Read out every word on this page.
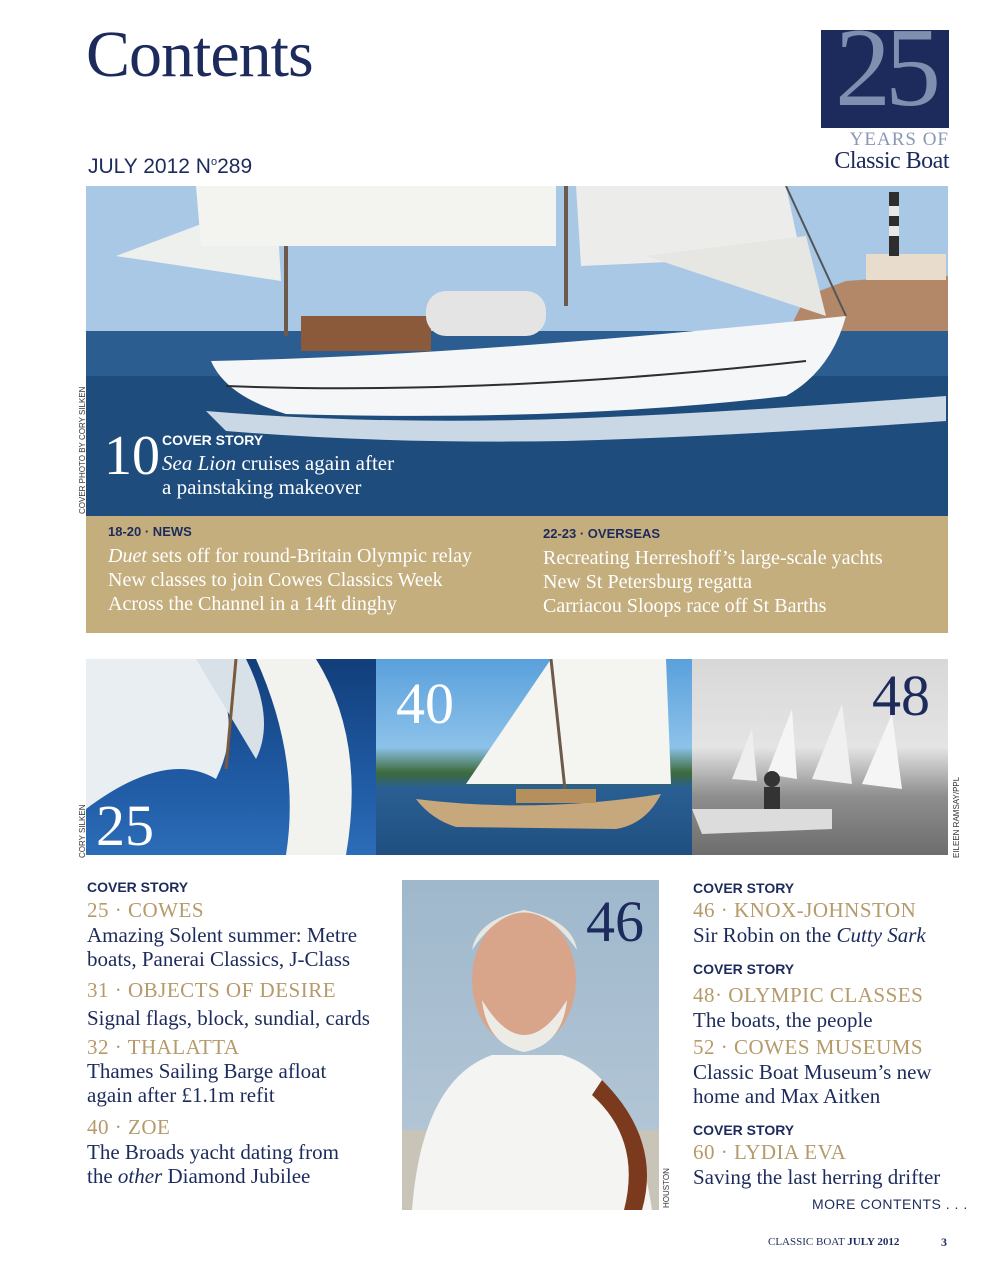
Contents
JULY 2012 $N^o289$
25
YEARS OF
Classic Boat
10 COVER STORY
Sea Lion cruises again after
a painstaking makeover
COVER PHOTO BY CORY SILKEN
18-20 · NEWS
Duet sets off for round-Britain Olympic relay
New classes to join Cowes Classics Week
Across the Channel in a 14ft dinghy
22-23 · OVERSEAS
Recreating Herreshoff’s large-scale yachts
New St Petersburg regatta
Carriacou Sloops race off St Barths
25
40	48
CORY SILKEN	EILEEN RAMSAY/PPL
COVER STORY
25 · COWES
Amazing Solent summer: Metre
boats, Panerai Classics, J-Class
31 · OBJECTS OF DESIRE
Signal flags, block, sundial, cards
32 · THALATTA
Thames Sailing Barge afloat
again after £1.1m refit
40 · ZOE
The Broads yacht dating from
the other Diamond Jubilee
46
HOUSTON
COVER STORY
46 · KNOX-JOHNSTON
Sir Robin on the Cutty Sark
COVER STORY
48· OLYMPIC CLASSES
The boats, the people
52 · COWES MUSEUMS
Classic Boat Museum’s new
home and Max Aitken
COVER STORY
60 · LYDIA EVA
Saving the last herring drifter
MORE CONTENTS . . .
CLASSIC BOAT JULY 2012	3
